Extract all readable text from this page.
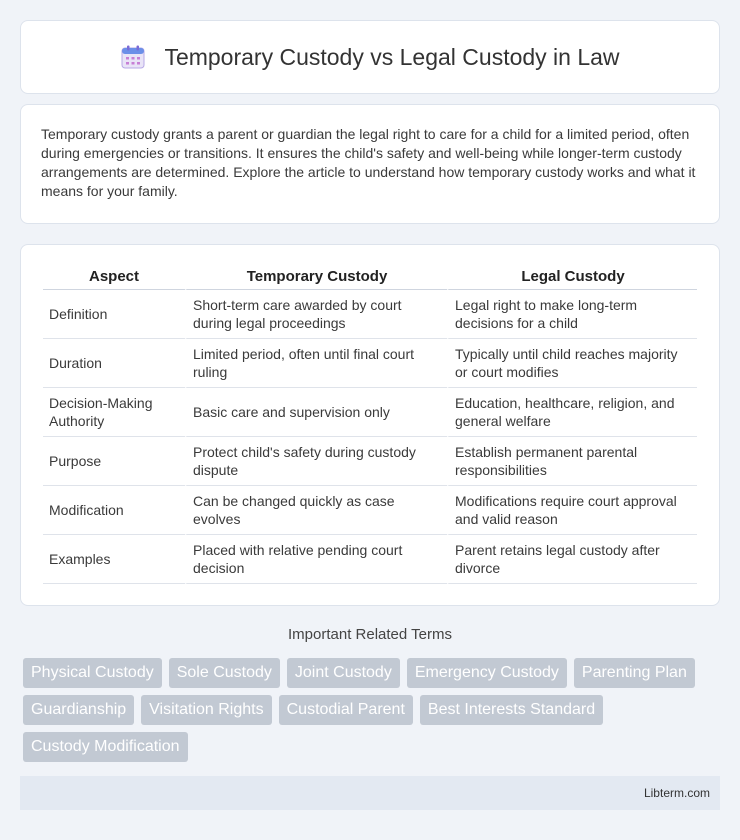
Temporary Custody vs Legal Custody in Law

Temporary custody grants a parent or guardian the legal right to care for a child for a limited period, often during emergencies or transitions. It ensures the child's safety and well-being while longer-term custody arrangements are determined. Explore the article to understand how temporary custody works and what it means for your family.

Aspect	Temporary Custody	Legal Custody
Definition	Short-term care awarded by court during legal proceedings	Legal right to make long-term decisions for a child
Duration	Limited period, often until final court ruling	Typically until child reaches majority or court modifies
Decision-Making Authority	Basic care and supervision only	Education, healthcare, religion, and general welfare
Purpose	Protect child's safety during custody dispute	Establish permanent parental responsibilities
Modification	Can be changed quickly as case evolves	Modifications require court approval and valid reason
Examples	Placed with relative pending court decision	Parent retains legal custody after divorce
Important Related Terms
Physical Custody	Sole Custody	Joint Custody	Emergency Custody	Parenting Plan
Guardianship	Visitation Rights	Custodial Parent	Best Interests Standard
Custody Modification
Libterm.com
